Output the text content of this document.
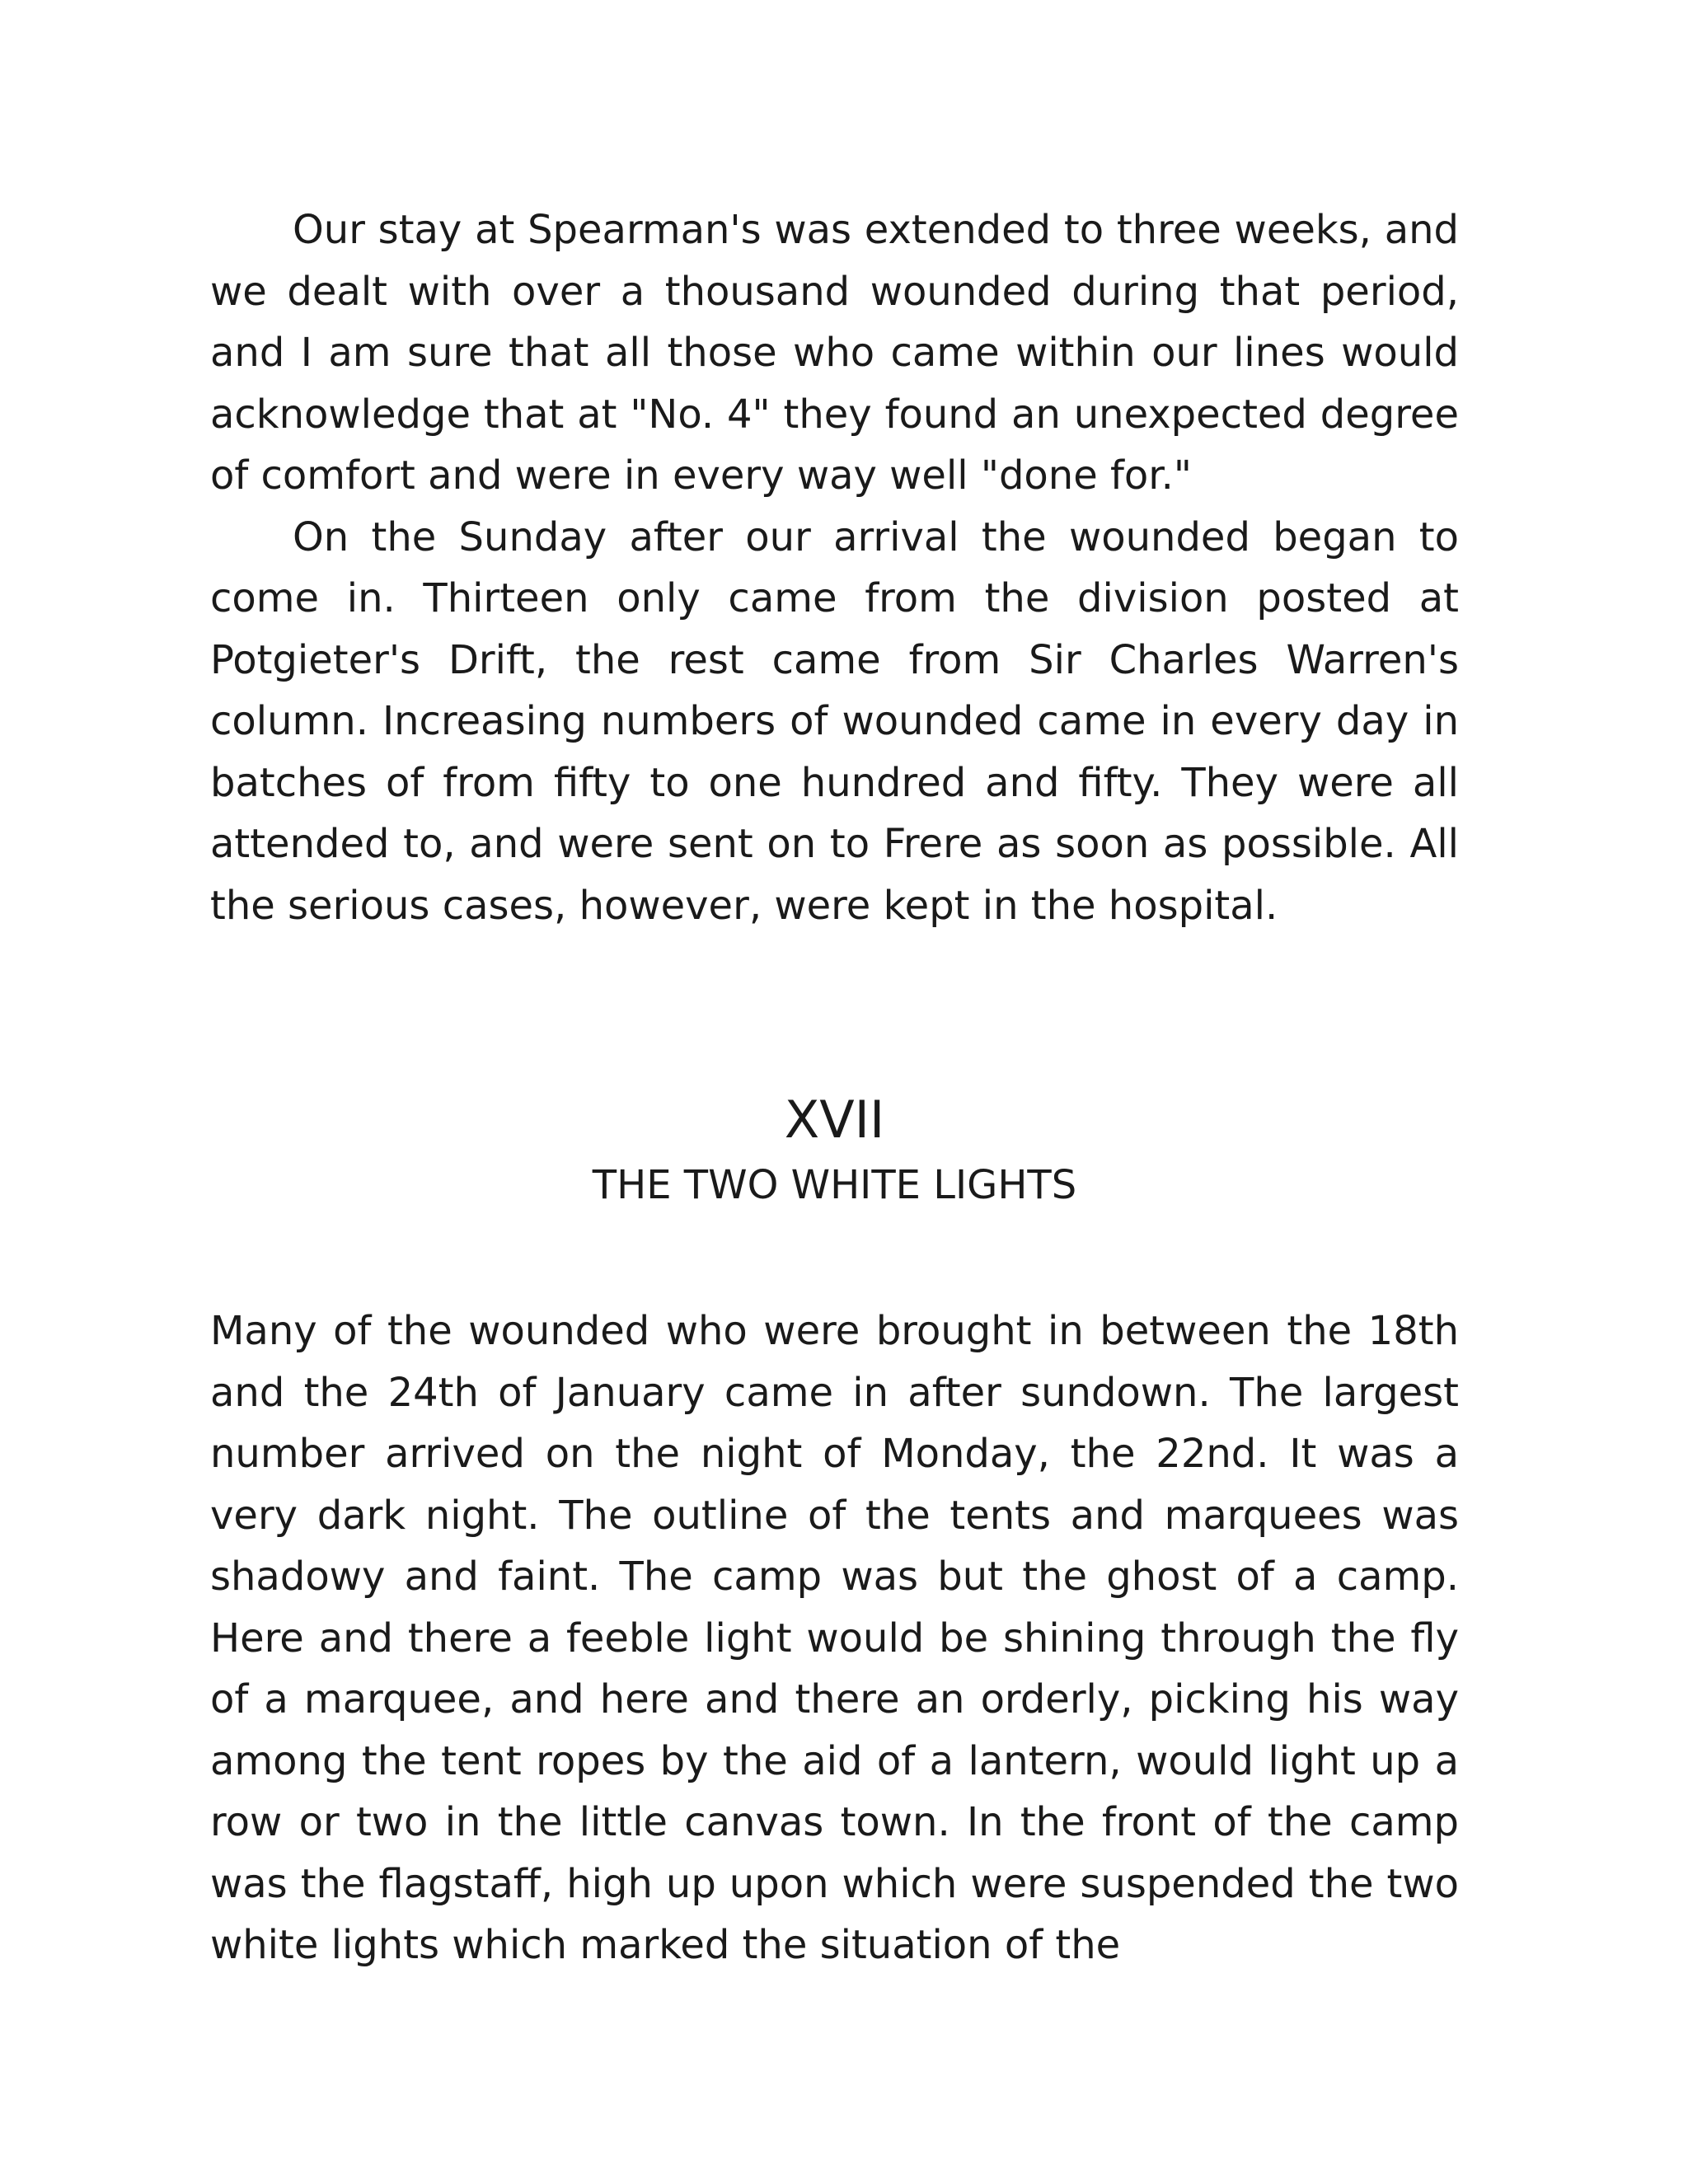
Our stay at Spearman's was extended to three weeks, and we dealt with over a thousand wounded during that period, and I am sure that all those who came within our lines would acknowledge that at "No. 4" they found an unexpected degree of comfort and were in every way well "done for."

On the Sunday after our arrival the wounded began to come in. Thirteen only came from the division posted at Potgieter's Drift, the rest came from Sir Charles Warren's column. Increasing numbers of wounded came in every day in batches of from fifty to one hundred and fifty. They were all attended to, and were sent on to Frere as soon as possible. All the serious cases, however, were kept in the hospital.

XVII

THE TWO WHITE LIGHTS

Many of the wounded who were brought in between the 18th and the 24th of January came in after sundown. The largest number arrived on the night of Monday, the 22nd. It was a very dark night. The outline of the tents and marquees was shadowy and faint. The camp was but the ghost of a camp. Here and there a feeble light would be shining through the fly of a marquee, and here and there an orderly, picking his way among the tent ropes by the aid of a lantern, would light up a row or two in the little canvas town. In the front of the camp was the flagstaff, high up upon which were suspended the two white lights which marked the situation of the
